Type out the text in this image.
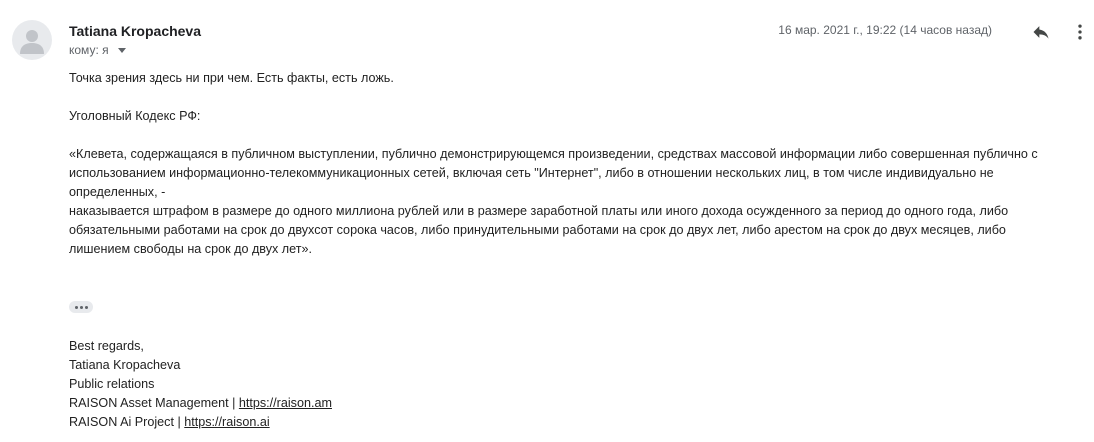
Tatiana Kropacheva
кому: я
16 мар. 2021 г., 19:22 (14 часов назад)

Точка зрения здесь ни при чем. Есть факты, есть ложь.

Уголовный Кодекс РФ:

«Клевета, содержащаяся в публичном выступлении, публично демонстрирующемся произведении, средствах массовой информации либо совершенная публично с
использованием информационно-телекоммуникационных сетей, включая сеть "Интернет", либо в отношении нескольких лиц, в том числе индивидуально не
определенных, -
наказывается штрафом в размере до одного миллиона рублей или в размере заработной платы или иного дохода осужденного за период до одного года, либо
обязательными работами на срок до двухсот сорока часов, либо принудительными работами на срок до двух лет, либо арестом на срок до двух месяцев, либо
лишением свободы на срок до двух лет».
Best regards,
Tatiana Kropacheva
Public relations
RAISON Asset Management | https://raison.am
RAISON Ai Project | https://raison.ai
